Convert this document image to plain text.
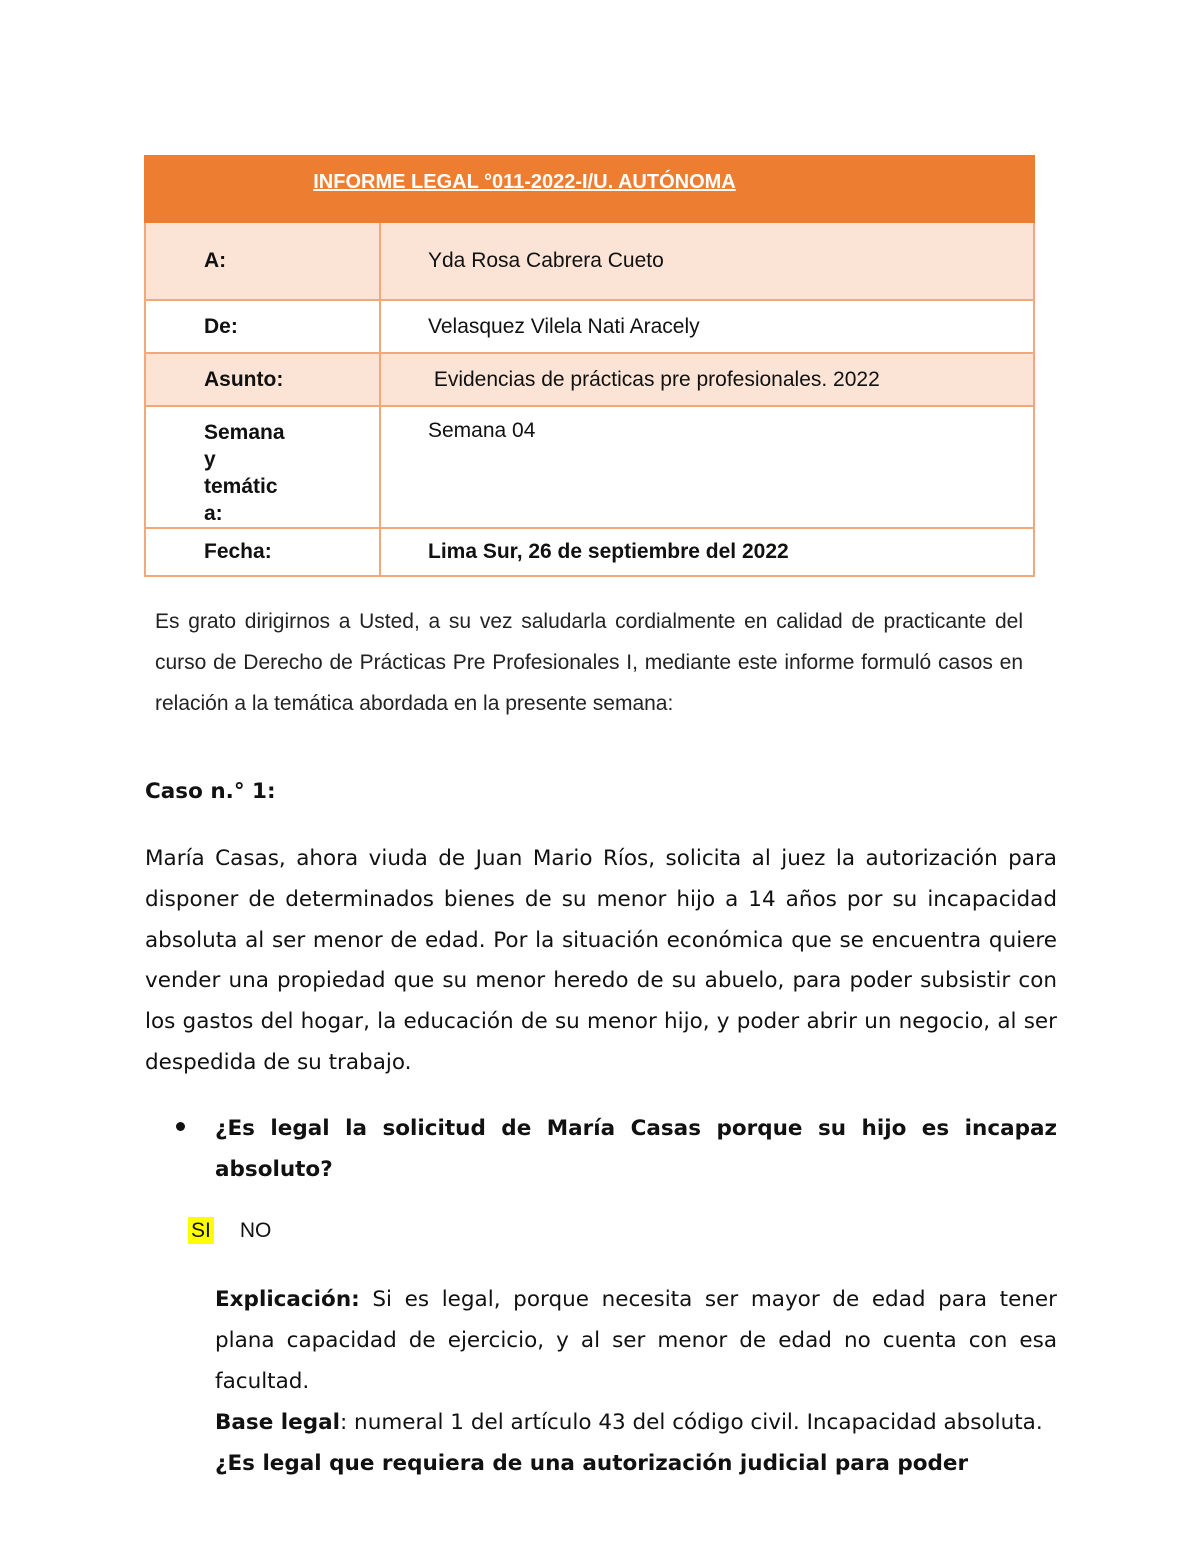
INFORME LEGAL °011-2022-I/U. AUTÓNOMA	
A:	Yda Rosa Cabrera Cueto
De:	Velasquez Vilela Nati Aracely
Asunto:	Evidencias de prácticas pre profesionales. 2022

Semana
y
temátic
a:	Semana 04
Fecha:	Lima Sur, 26 de septiembre del 2022

Es grato dirigirnos a Usted, a su vez saludarla cordialmente en calidad de practicante del curso de Derecho de Prácticas Pre Profesionales I, mediante este informe formuló casos en relación a la temática abordada en la presente semana:

Caso n.° 1:

María Casas, ahora viuda de Juan Mario Ríos, solicita al juez la autorización para disponer de determinados bienes de su menor hijo a 14 años por su incapacidad absoluta al ser menor de edad. Por la situación económica que se encuentra quiere vender una propiedad que su menor heredo de su abuelo, para poder subsistir con los gastos del hogar, la educación de su menor hijo, y poder abrir un negocio, al ser despedida de su trabajo.

¿Es legal la solicitud de María Casas porque su hijo es incapaz absoluto?

SI NO

Explicación: Si es legal, porque necesita ser mayor de edad para tener plana capacidad de ejercicio, y al ser menor de edad no cuenta con esa facultad.

Base legal: numeral 1 del artículo 43 del código civil. Incapacidad absoluta.

¿Es legal que requiera de una autorización judicial para poder
